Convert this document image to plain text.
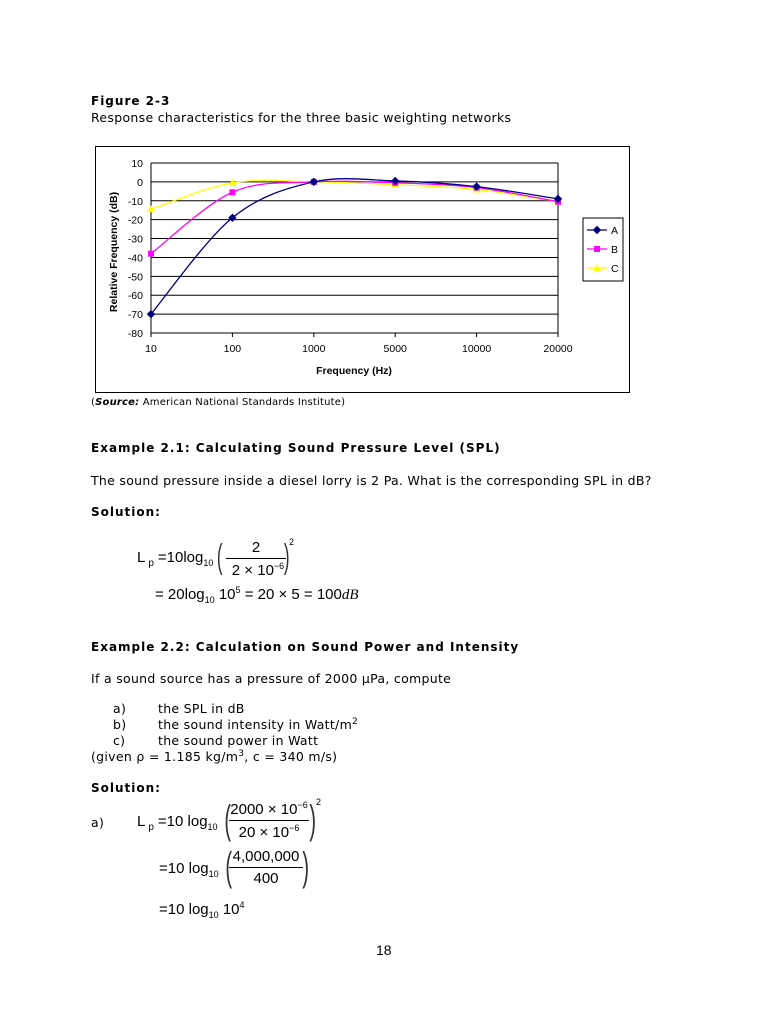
Figure 2-3
Response characteristics for the three basic weighting networks
10
0
-10
-20
-30
-40
-50
-60
-70
-80
10	100	1000	5000	10000	20000
A
B
C
Frequency (Hz)
Relative Frequency (dB)
(Source: American National Standards Institute)
Example 2.1: Calculating Sound Pressure Level (SPL)
The sound pressure inside a diesel lorry is 2 Pa. What is the corresponding SPL in dB?
Solution:
L $_p =10\log_{10}$ (	2
$2 \times 10^{-6}$ ) 2
= $20\log_{10}$ $10^5 = 20 \times 5 = 100dB$
Example 2.2: Calculation on Sound Power and Intensity
If a sound source has a pressure of 2000 μPa, compute
a)	the SPL in dB
b)	the sound intensity in Watt/$m^2$
c)	the sound power in Watt
(given ρ = 1.185 $kg/m^3$, c = 340 m/s)
Solution:
a) L $_p$ =10 $\log_{10}$ ( $2000 \times 10^{-6}$
$20 \times 10^{-6}$ ) 2
=10 $\log_{10}$ ( 4,000,000
400 )
=10 $\log_{10} 10^4$
18
